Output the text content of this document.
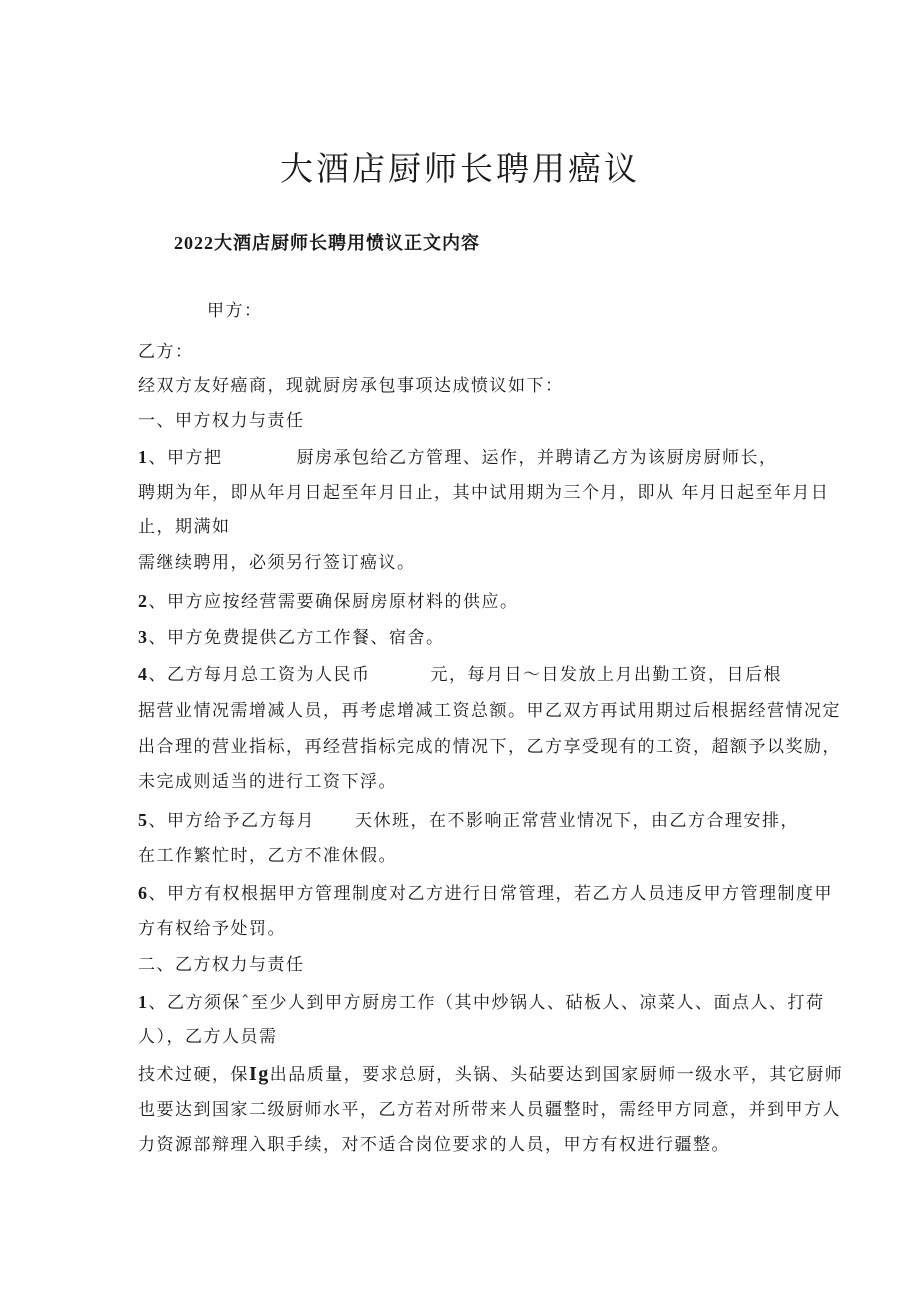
大酒店厨师长聘用癌议
2022大酒店厨师长聘用愤议正文内容
甲方：
乙方：
经双方友好癌商，现就厨房承包事项达成愤议如下：
一、甲方权力与责任
1、甲方把	厨房承包给乙方管理、运作，并聘请乙方为该厨房厨师长，
聘期为年，即从年月日起至年月日止，其中试用期为三个月，即从 年月日起至年月日
止，期满如
需继续聘用，必须另行签订癌议。
2、甲方应按经营需要确保厨房原材料的供应。
3、甲方免费提供乙方工作餐、宿舍。
4、乙方每月总工资为人民币	元，每月日～日发放上月出勤工资，日后根
据营业情况需增减人员，再考虑增减工资总额。甲乙双方再试用期过后根据经营情况定
出合理的营业指标，再经营指标完成的情况下，乙方享受现有的工资，超额予以奖励，
未完成则适当的进行工资下浮。
5、甲方给予乙方每月 天休班，在不影响正常营业情况下，由乙方合理安排，
在工作繁忙时，乙方不准休假。
6、甲方有权根据甲方管理制度对乙方进行日常管理，若乙方人员违反甲方管理制度甲
方有权给予处罚。
二、乙方权力与责任
1、乙方须保ˆ至少人到甲方厨房工作（其中炒锅人、砧板人、凉菜人、面点人、打荷
人），乙方人员需
技术过硬，保Ig出品质量，要求总厨，头锅、头砧要达到国家厨师一级水平，其它厨师
也要达到国家二级厨师水平，乙方若对所带来人员疆整时，需经甲方同意，并到甲方人
力资源部辩理入职手续，对不适合岗位要求的人员，甲方有权进行疆整。
